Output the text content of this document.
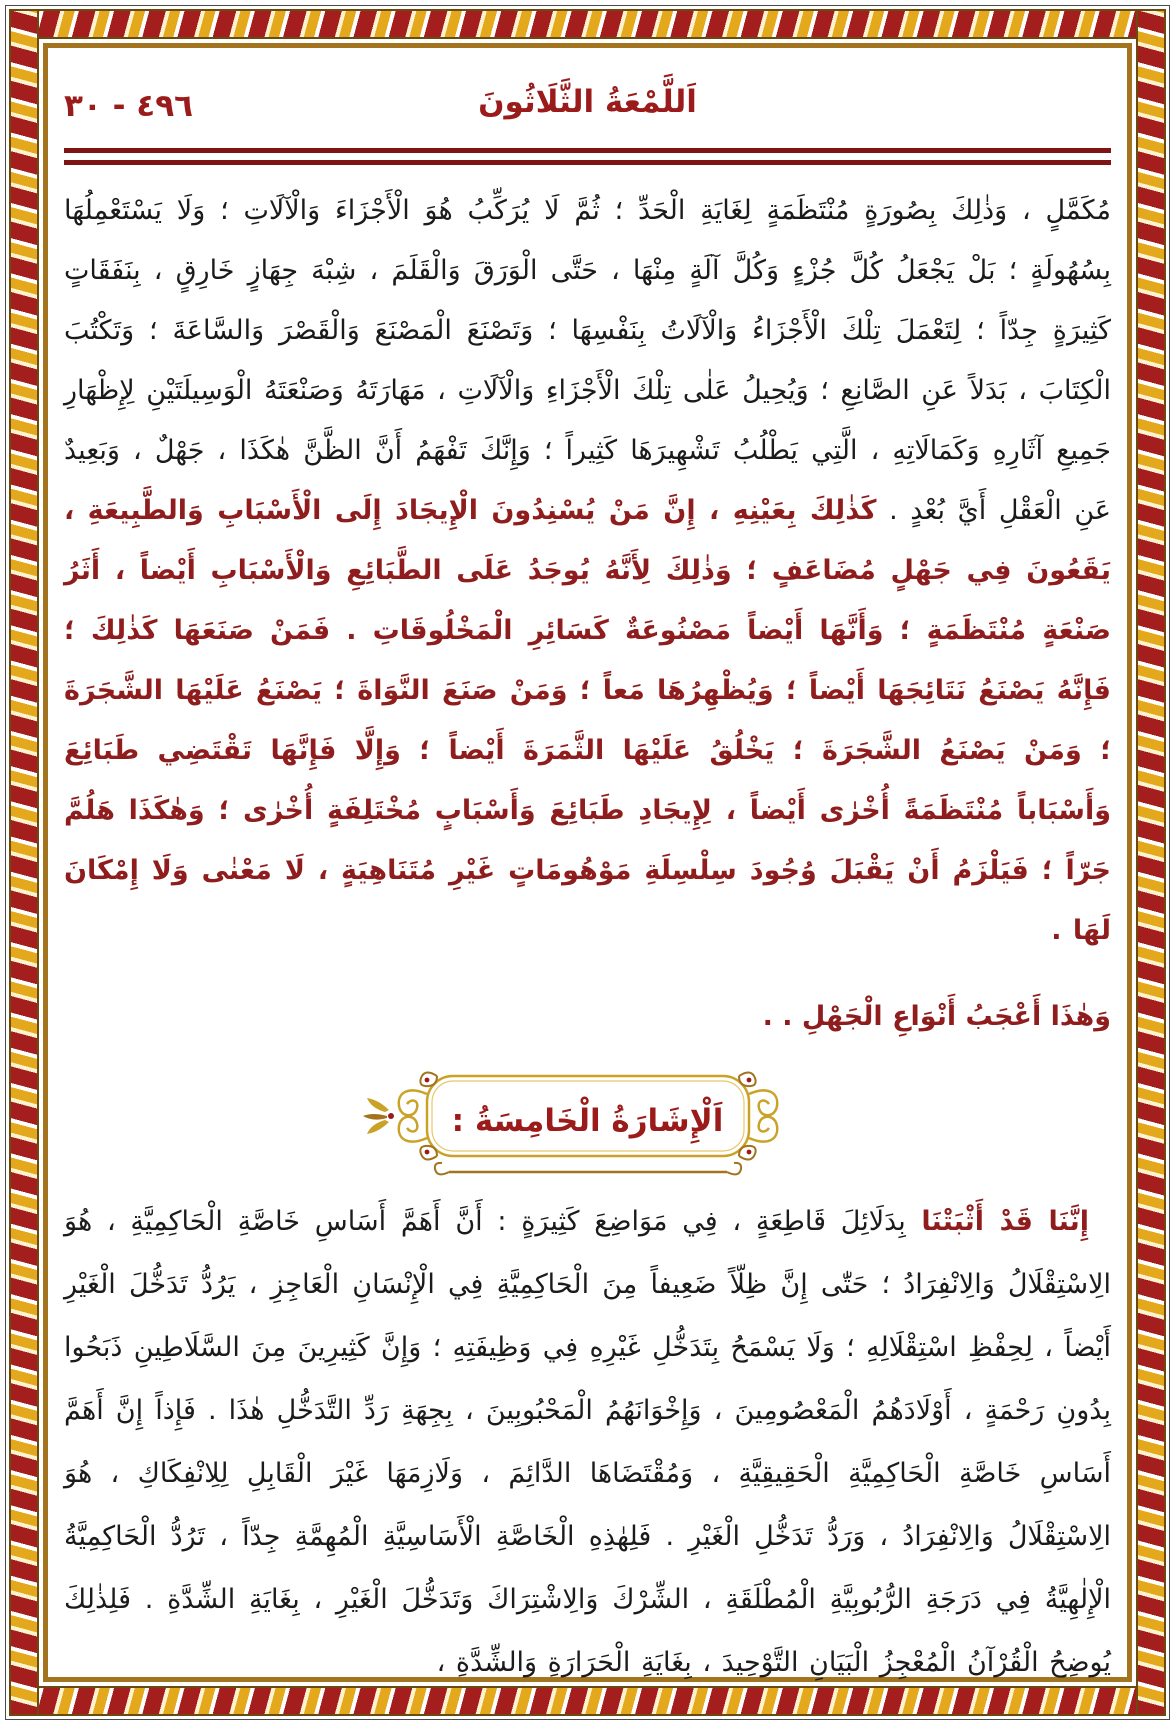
اَللَّمْعَةُ الثَّلَاثُونَ
٤٩٦ - ٣٠

مُكَمَّلٍ ، وَذٰلِكَ بِصُورَةٍ مُنْتَظَمَةٍ لِغَايَةِ الْحَدِّ ؛ ثُمَّ لَا يُرَكِّبُ هُوَ الْأَجْزَاءَ وَالْآلَاتِ ؛ وَلَا يَسْتَعْمِلُهَا بِسُهُولَةٍ ؛ بَلْ يَجْعَلُ كُلَّ جُزْءٍ وَكُلَّ آلَةٍ مِنْهَا ، حَتَّى الْوَرَقَ وَالْقَلَمَ ، شِبْهَ جِهَازٍ خَارِقٍ ، بِنَفَقَاتٍ كَثِيرَةٍ جِدّاً ؛ لِتَعْمَلَ تِلْكَ الْأَجْزَاءُ وَالْآلَاتُ بِنَفْسِهَا ؛ وَتَصْنَعَ الْمَصْنَعَ وَالْقَصْرَ وَالسَّاعَةَ ؛ وَتَكْتُبَ الْكِتَابَ ، بَدَلاً عَنِ الصَّانِعِ ؛ وَيُحِيلُ عَلٰى تِلْكَ الْأَجْزَاءِ وَالْآلَاتِ ، مَهَارَتَهُ وَصَنْعَتَهُ الْوَسِيلَتَيْنِ لِإِظْهَارِ جَمِيعِ آثَارِهِ وَكَمَالَاتِهِ ، الَّتِي يَطْلُبُ تَشْهِيرَهَا كَثِيراً ؛ وَإِنَّكَ تَفْهَمُ أَنَّ الظَّنَّ هٰكَذَا ، جَهْلٌ ، وَبَعِيدٌ عَنِ الْعَقْلِ أَيَّ بُعْدٍ . كَذٰلِكَ بِعَيْنِهِ ، إِنَّ مَنْ يُسْنِدُونَ الْإِيجَادَ إِلَى الْأَسْبَابِ وَالطَّبِيعَةِ ، يَقَعُونَ فِي جَهْلٍ مُضَاعَفٍ ؛ وَذٰلِكَ لِأَنَّهُ يُوجَدُ عَلَى الطَّبَائِعِ وَالْأَسْبَابِ أَيْضاً ، أَثَرُ صَنْعَةٍ مُنْتَظَمَةٍ ؛ وَأَنَّهَا أَيْضاً مَصْنُوعَةٌ كَسَائِرِ الْمَخْلُوقَاتِ . فَمَنْ صَنَعَهَا كَذٰلِكَ ؛ فَإِنَّهُ يَصْنَعُ نَتَائِجَهَا أَيْضاً ؛ وَيُظْهِرُهَا مَعاً ؛ وَمَنْ صَنَعَ النَّوَاةَ ؛ يَصْنَعُ عَلَيْهَا الشَّجَرَةَ ؛ وَمَنْ يَصْنَعُ الشَّجَرَةَ ؛ يَخْلُقُ عَلَيْهَا الثَّمَرَةَ أَيْضاً ؛ وَإِلَّا فَإِنَّهَا تَقْتَضِي طَبَائِعَ وَأَسْبَاباً مُنْتَظَمَةً أُخْرٰى أَيْضاً ، لِإِيجَادِ طَبَائِعَ وَأَسْبَابٍ مُخْتَلِفَةٍ أُخْرٰى ؛ وَهٰكَذَا هَلُمَّ جَرّاً ؛ فَيَلْزَمُ أَنْ يَقْبَلَ وُجُودَ سِلْسِلَةِ مَوْهُومَاتٍ غَيْرِ مُتَنَاهِيَةٍ ، لَا مَعْنٰى وَلَا إِمْكَانَ لَهَا .

وَهٰذَا أَعْجَبُ أَنْوَاعِ الْجَهْلِ . .
اَلْإِشَارَةُ الْخَامِسَةُ :

إِنَّنَا قَدْ أَثْبَتْنَا بِدَلَائِلَ قَاطِعَةٍ ، فِي مَوَاضِعَ كَثِيرَةٍ : أَنَّ أَهَمَّ أَسَاسِ خَاصَّةِ الْحَاكِمِيَّةِ ، هُوَ الِاسْتِقْلَالُ وَالِانْفِرَادُ ؛ حَتّٰى إِنَّ ظِلّاً ضَعِيفاً مِنَ الْحَاكِمِيَّةِ فِي الْإِنْسَانِ الْعَاجِزِ ، يَرُدُّ تَدَخُّلَ الْغَيْرِ أَيْضاً ، لِحِفْظِ اسْتِقْلَالِهِ ؛ وَلَا يَسْمَحُ بِتَدَخُّلِ غَيْرِهِ فِي وَظِيفَتِهِ ؛ وَإِنَّ كَثِيرِينَ مِنَ السَّلَاطِينِ ذَبَحُوا بِدُونِ رَحْمَةٍ ، أَوْلَادَهُمُ الْمَعْصُومِينَ ، وَإِخْوَانَهُمُ الْمَحْبُوبِينَ ، بِجِهَةِ رَدِّ التَّدَخُّلِ هٰذَا . فَإِذاً إِنَّ أَهَمَّ أَسَاسِ خَاصَّةِ الْحَاكِمِيَّةِ الْحَقِيقِيَّةِ ، وَمُقْتَضَاهَا الدَّائِمَ ، وَلَازِمَهَا غَيْرَ الْقَابِلِ لِلِانْفِكَاكِ ، هُوَ الِاسْتِقْلَالُ وَالِانْفِرَادُ ، وَرَدُّ تَدَخُّلِ الْغَيْرِ . فَلِهٰذِهِ الْخَاصَّةِ الْأَسَاسِيَّةِ الْمُهِمَّةِ جِدّاً ، تَرُدُّ الْحَاكِمِيَّةُ الْإِلٰهِيَّةُ فِي دَرَجَةِ الرُّبُوبِيَّةِ الْمُطْلَقَةِ ، الشِّرْكَ وَالِاشْتِرَاكَ وَتَدَخُّلَ الْغَيْرِ ، بِغَايَةِ الشِّدَّةِ . فَلِذٰلِكَ يُوضِحُ الْقُرْآنُ الْمُعْجِزُ الْبَيَانِ التَّوْحِيدَ ، بِغَايَةِ الْحَرَارَةِ وَالشِّدَّةِ ،
